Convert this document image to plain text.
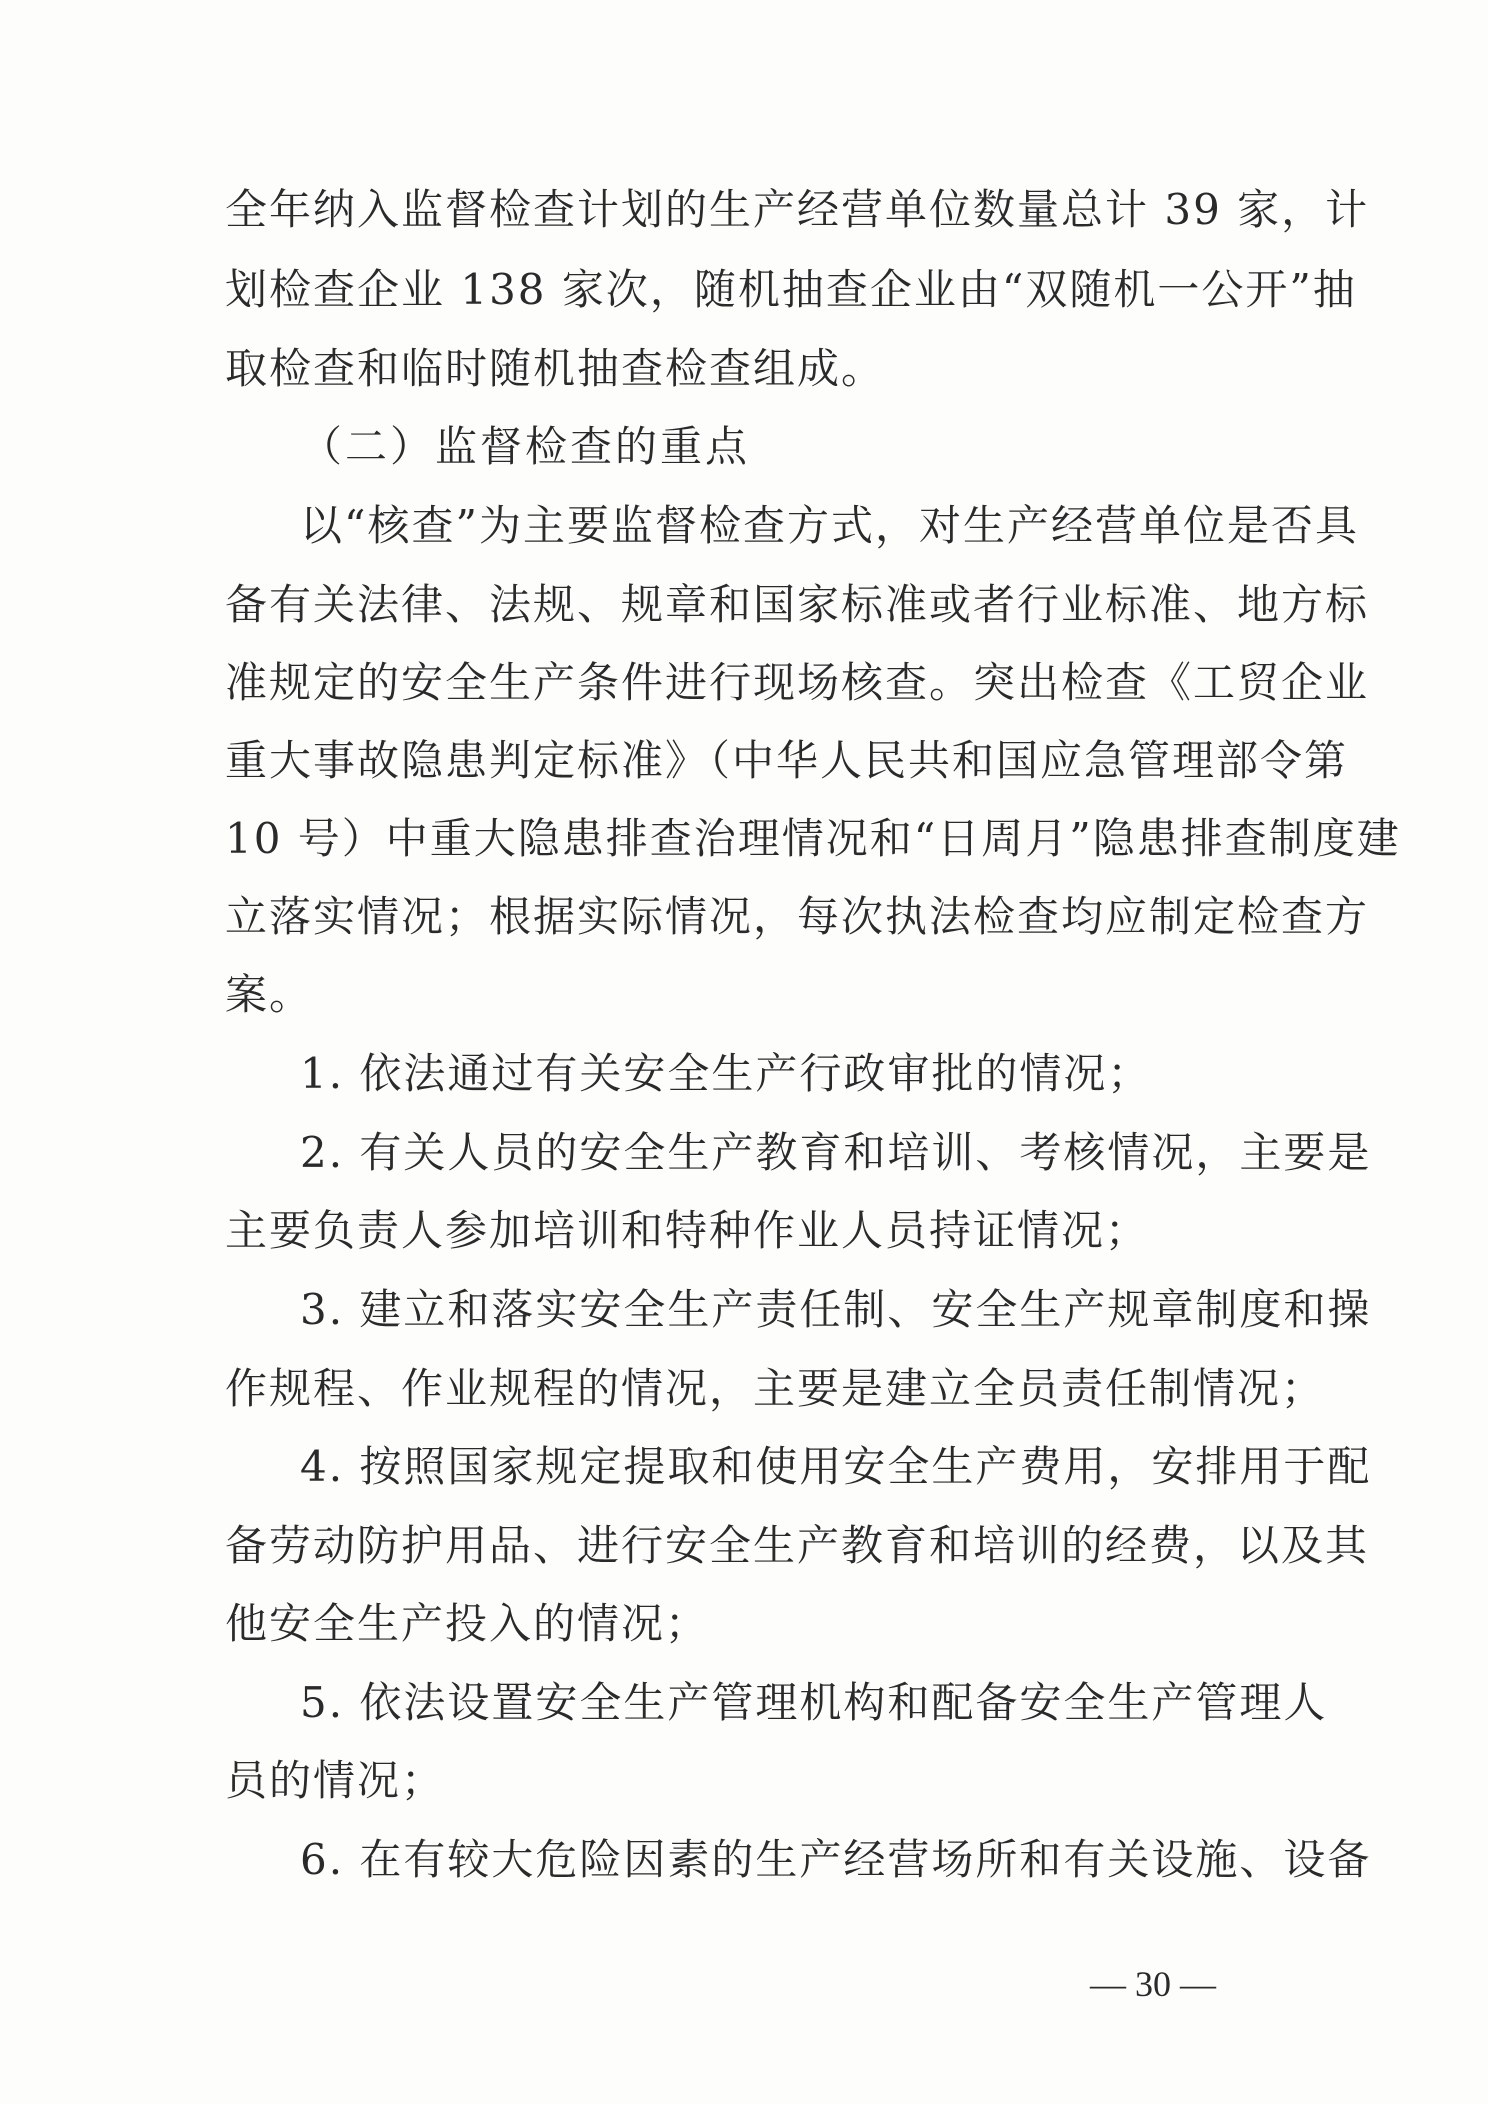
全年纳入监督检查计划的生产经营单位数量总计 39 家，计
划检查企业 138 家次，随机抽查企业由“双随机一公开”抽
取检查和临时随机抽查检查组成。
（二）监督检查的重点
以“核查”为主要监督检查方式，对生产经营单位是否具
备有关法律、法规、规章和国家标准或者行业标准、地方标
准规定的安全生产条件进行现场核查。突出检查《工贸企业
重大事故隐患判定标准》（中华人民共和国应急管理部令第
10 号）中重大隐患排查治理情况和“日周月”隐患排查制度建
立落实情况；根据实际情况，每次执法检查均应制定检查方
案。
1. 依法通过有关安全生产行政审批的情况；
2. 有关人员的安全生产教育和培训、考核情况，主要是
主要负责人参加培训和特种作业人员持证情况；
3. 建立和落实安全生产责任制、安全生产规章制度和操
作规程、作业规程的情况，主要是建立全员责任制情况；
4. 按照国家规定提取和使用安全生产费用，安排用于配
备劳动防护用品、进行安全生产教育和培训的经费，以及其
他安全生产投入的情况；
5. 依法设置安全生产管理机构和配备安全生产管理人
员的情况；
6. 在有较大危险因素的生产经营场所和有关设施、设备
— 30 —
